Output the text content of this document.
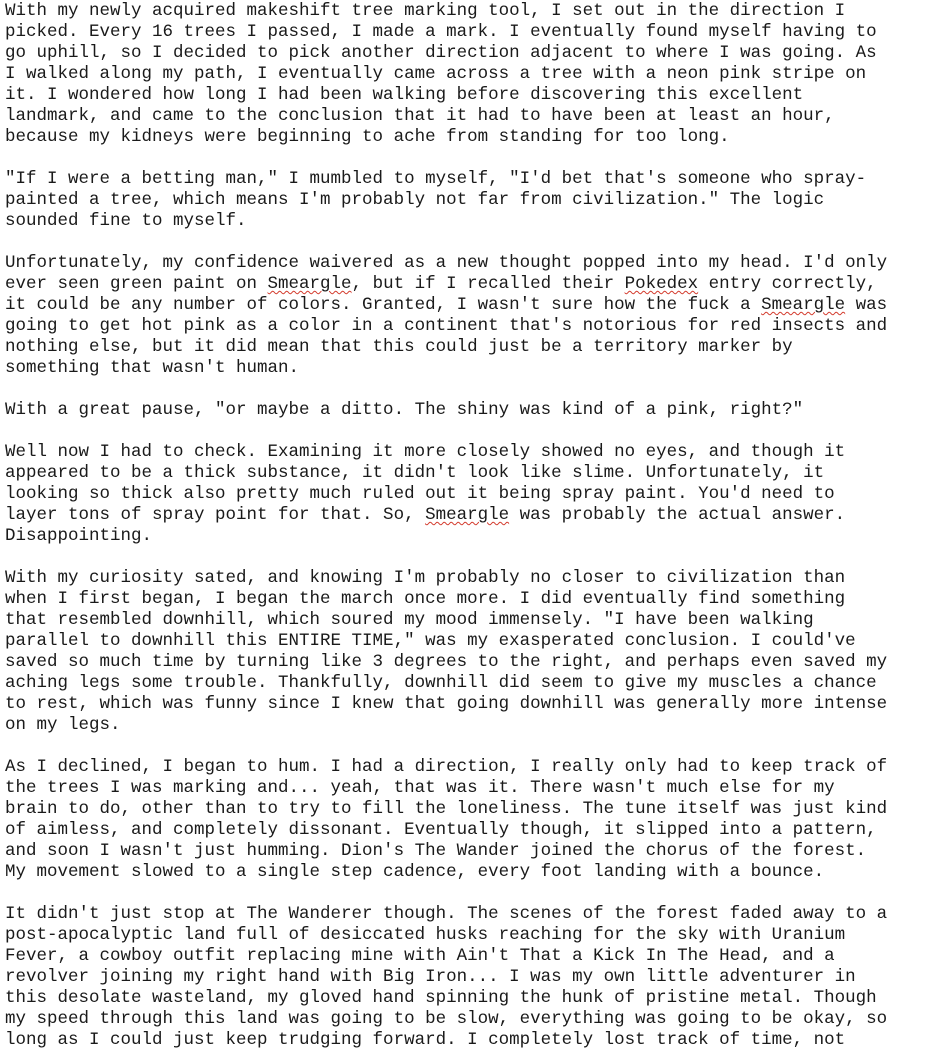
With my newly acquired makeshift tree marking tool, I set out in the direction I
picked. Every 16 trees I passed, I made a mark. I eventually found myself having to
go uphill, so I decided to pick another direction adjacent to where I was going. As
I walked along my path, I eventually came across a tree with a neon pink stripe on
it. I wondered how long I had been walking before discovering this excellent
landmark, and came to the conclusion that it had to have been at least an hour,
because my kidneys were beginning to ache from standing for too long.
"If I were a betting man," I mumbled to myself, "I'd bet that's someone who spray-
painted a tree, which means I'm probably not far from civilization." The logic
sounded fine to myself.
Unfortunately, my confidence waivered as a new thought popped into my head. I'd only
ever seen green paint on Smeargle, but if I recalled their Pokedex entry correctly,
it could be any number of colors. Granted, I wasn't sure how the fuck a Smeargle was
going to get hot pink as a color in a continent that's notorious for red insects and
nothing else, but it did mean that this could just be a territory marker by
something that wasn't human.
With a great pause, "or maybe a ditto. The shiny was kind of a pink, right?"
Well now I had to check. Examining it more closely showed no eyes, and though it
appeared to be a thick substance, it didn't look like slime. Unfortunately, it
looking so thick also pretty much ruled out it being spray paint. You'd need to
layer tons of spray point for that. So, Smeargle was probably the actual answer.
Disappointing.
With my curiosity sated, and knowing I'm probably no closer to civilization than
when I first began, I began the march once more. I did eventually find something
that resembled downhill, which soured my mood immensely. "I have been walking
parallel to downhill this ENTIRE TIME," was my exasperated conclusion. I could've
saved so much time by turning like 3 degrees to the right, and perhaps even saved my
aching legs some trouble. Thankfully, downhill did seem to give my muscles a chance
to rest, which was funny since I knew that going downhill was generally more intense
on my legs.
As I declined, I began to hum. I had a direction, I really only had to keep track of
the trees I was marking and... yeah, that was it. There wasn't much else for my
brain to do, other than to try to fill the loneliness. The tune itself was just kind
of aimless, and completely dissonant. Eventually though, it slipped into a pattern,
and soon I wasn't just humming. Dion's The Wander joined the chorus of the forest.
My movement slowed to a single step cadence, every foot landing with a bounce.
It didn't just stop at The Wanderer though. The scenes of the forest faded away to a
post-apocalyptic land full of desiccated husks reaching for the sky with Uranium
Fever, a cowboy outfit replacing mine with Ain't That a Kick In The Head, and a
revolver joining my right hand with Big Iron... I was my own little adventurer in
this desolate wasteland, my gloved hand spinning the hunk of pristine metal. Though
my speed through this land was going to be slow, everything was going to be okay, so
long as I could just keep trudging forward. I completely lost track of time, not
